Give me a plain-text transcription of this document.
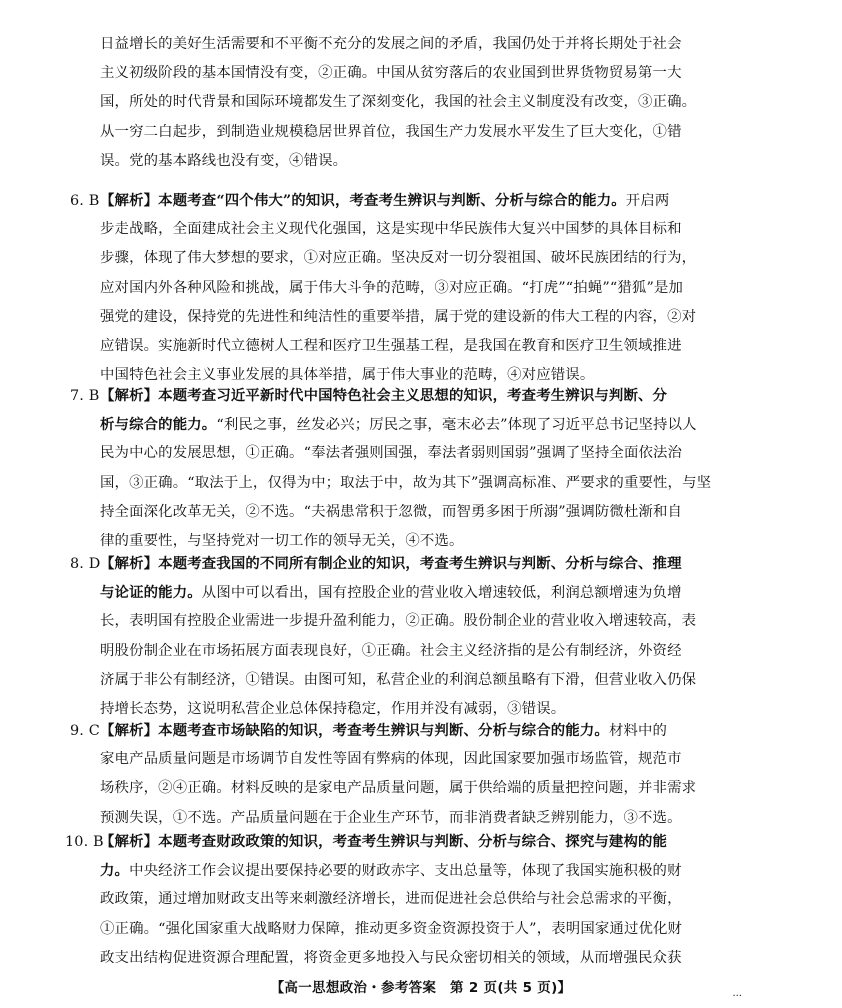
日益增长的美好生活需要和不平衡不充分的发展之间的矛盾，我国仍处于并将长期处于社会
主义初级阶段的基本国情没有变，②正确。中国从贫穷落后的农业国到世界货物贸易第一大
国，所处的时代背景和国际环境都发生了深刻变化，我国的社会主义制度没有改变，③正确。
从一穷二白起步，到制造业规模稳居世界首位，我国生产力发展水平发生了巨大变化，①错
误。党的基本路线也没有变，④错误。
6. B【解析】本题考查“四个伟大”的知识，考查考生辨识与判断、分析与综合的能力。开启两
步走战略，全面建成社会主义现代化强国，这是实现中华民族伟大复兴中国梦的具体目标和
步骤，体现了伟大梦想的要求，①对应正确。坚决反对一切分裂祖国、破坏民族团结的行为，
应对国内外各种风险和挑战，属于伟大斗争的范畴，③对应正确。“打虎”“拍蝇”“猎狐”是加
强党的建设，保持党的先进性和纯洁性的重要举措，属于党的建设新的伟大工程的内容，②对
应错误。实施新时代立德树人工程和医疗卫生强基工程，是我国在教育和医疗卫生领域推进
中国特色社会主义事业发展的具体举措，属于伟大事业的范畴，④对应错误。
7. B【解析】本题考查习近平新时代中国特色社会主义思想的知识，考查考生辨识与判断、分
析与综合的能力。“利民之事，丝发必兴；厉民之事，毫末必去”体现了习近平总书记坚持以人
民为中心的发展思想，①正确。“奉法者强则国强，奉法者弱则国弱”强调了坚持全面依法治
国，③正确。“取法于上，仅得为中；取法于中，故为其下”强调高标准、严要求的重要性，与坚
持全面深化改革无关，②不选。“夫祸患常积于忽微，而智勇多困于所溺”强调防微杜渐和自
律的重要性，与坚持党对一切工作的领导无关，④不选。
8. D【解析】本题考查我国的不同所有制企业的知识，考查考生辨识与判断、分析与综合、推理
与论证的能力。从图中可以看出，国有控股企业的营业收入增速较低，利润总额增速为负增
长，表明国有控股企业需进一步提升盈利能力，②正确。股份制企业的营业收入增速较高，表
明股份制企业在市场拓展方面表现良好，①正确。社会主义经济指的是公有制经济，外资经
济属于非公有制经济，①错误。由图可知，私营企业的利润总额虽略有下滑，但营业收入仍保
持增长态势，这说明私营企业总体保持稳定，作用并没有减弱，③错误。
9. C【解析】本题考查市场缺陷的知识，考查考生辨识与判断、分析与综合的能力。材料中的
家电产品质量问题是市场调节自发性等固有弊病的体现，因此国家要加强市场监管，规范市
场秩序，②④正确。材料反映的是家电产品质量问题，属于供给端的质量把控问题，并非需求
预测失误，①不选。产品质量问题在于企业生产环节，而非消费者缺乏辨别能力，③不选。
10. B【解析】本题考查财政政策的知识，考查考生辨识与判断、分析与综合、探究与建构的能
力。中央经济工作会议提出要保持必要的财政赤字、支出总量等，体现了我国实施积极的财
政政策，通过增加财政支出等来刺激经济增长，进而促进社会总供给与社会总需求的平衡，
①正确。“强化国家重大战略财力保障，推动更多资金资源投资于人”，表明国家通过优化财
政支出结构促进资源合理配置，将资金更多地投入与民众密切相关的领域，从而增强民众获
【高一思想政治・参考答案　第 2 页(共 5 页)】	...
